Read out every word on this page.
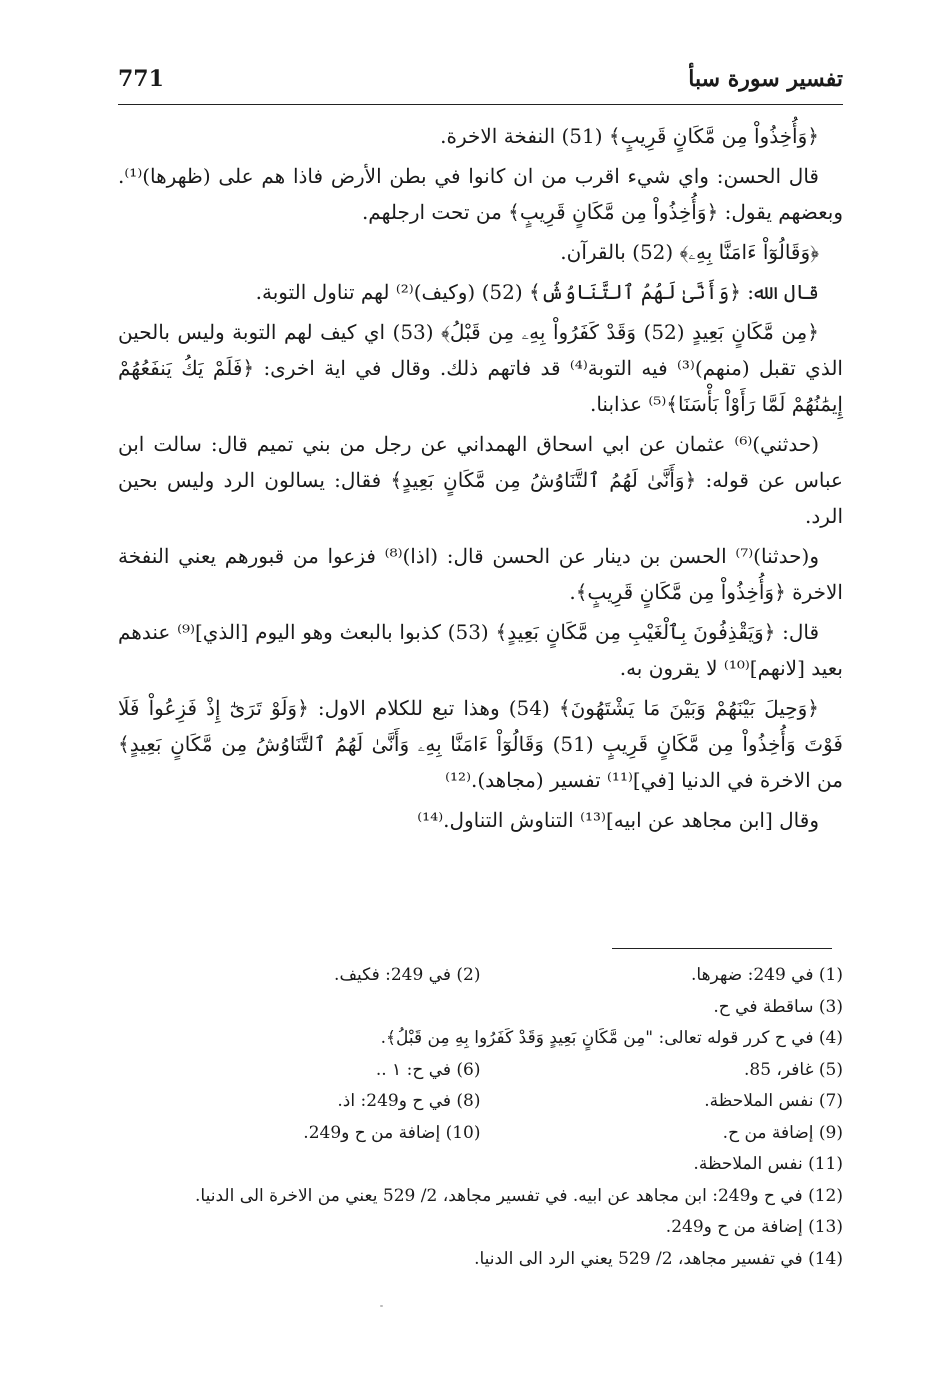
771	تفسير سورة سبأ

﴿وَأُخِذُواْ مِن مَّكَانٍ قَرِيبٍ﴾ (51) النفخة الاخرة.

قال الحسن: واي شيء اقرب من ان كانوا في بطن الأرض فاذا هم على (ظهرها)⁽¹⁾. وبعضهم يقول: ﴿وَأُخِذُواْ مِن مَّكَانٍ قَرِيبٍ﴾ من تحت ارجلهم.

﴿وَقَالُوٓاْ ءَامَنَّا بِهِۦ﴾ (52) بالقرآن.

قال الله: ﴿وَأَنَّىٰ لَهُمُ ٱلتَّنَاوُشُ﴾ (52) (وكيف)⁽²⁾ لهم تناول التوبة.

﴿مِن مَّكَانٍ بَعِيدٍ (52) وَقَدْ كَفَرُواْ بِهِۦ مِن قَبْلُ﴾ (53) اي كيف لهم التوبة وليس بالحين الذي تقبل (منهم)⁽³⁾ فيه التوبة⁽⁴⁾ قد فاتهم ذلك. وقال في اية اخرى: ﴿فَلَمْ يَكُ يَنفَعُهُمْ إِيمَٰنُهُمْ لَمَّا رَأَوْاْ بَأْسَنَا﴾⁽⁵⁾ عذابنا.

(حدثني)⁽⁶⁾ عثمان عن ابي اسحاق الهمداني عن رجل من بني تميم قال: سالت ابن عباس عن قوله: ﴿وَأَنَّىٰ لَهُمُ ٱلتَّنَاوُشُ مِن مَّكَانٍ بَعِيدٍ﴾ فقال: يسالون الرد وليس بحين الرد.

و(حدثنا)⁽⁷⁾ الحسن بن دينار عن الحسن قال: (اذا)⁽⁸⁾ فزعوا من قبورهم يعني النفخة الاخرة ﴿وَأُخِذُواْ مِن مَّكَانٍ قَرِيبٍ﴾.

قال: ﴿وَيَقْذِفُونَ بِٱلْغَيْبِ مِن مَّكَانٍ بَعِيدٍ﴾ (53) كذبوا بالبعث وهو اليوم [الذي]⁽⁹⁾ عندهم بعيد [لانهم]⁽¹⁰⁾ لا يقرون به.

﴿وَحِيلَ بَيْنَهُمْ وَبَيْنَ مَا يَشْتَهُونَ﴾ (54) وهذا تبع للكلام الاول: ﴿وَلَوْ تَرَىٰٓ إِذْ فَزِعُواْ فَلَا فَوْتَ وَأُخِذُواْ مِن مَّكَانٍ قَرِيبٍ (51) وَقَالُوٓاْ ءَامَنَّا بِهِۦ وَأَنَّىٰ لَهُمُ ٱلتَّنَاوُشُ مِن مَّكَانٍ بَعِيدٍ﴾ من الاخرة في الدنيا [في]⁽¹¹⁾ تفسير (مجاهد).⁽¹²⁾

وقال [ابن مجاهد عن ابيه]⁽¹³⁾ التناوش التناول.⁽¹⁴⁾

(1) في 249: ضهرها.
(2) في 249: فكيف.
(3) ساقطة في ح.
(4) في ح كرر قوله تعالى: "مِن مَّكَانٍ بَعِيدٍ وَقَدْ كَفَرُوا بِهِ مِن قَبْلُ﴾.
(5) غافر، 85.
(6) في ح: ١ ..
(7) نفس الملاحظة.
(8) في ح و249: اذ.
(9) إضافة من ح.
(10) إضافة من ح و249.
(11) نفس الملاحظة.
(12) في ح و249: ابن مجاهد عن ابيه. في تفسير مجاهد، 2/ 529 يعني من الاخرة الى الدنيا.
(13) إضافة من ح و249.
(14) في تفسير مجاهد، 2/ 529 يعني الرد الى الدنيا.
